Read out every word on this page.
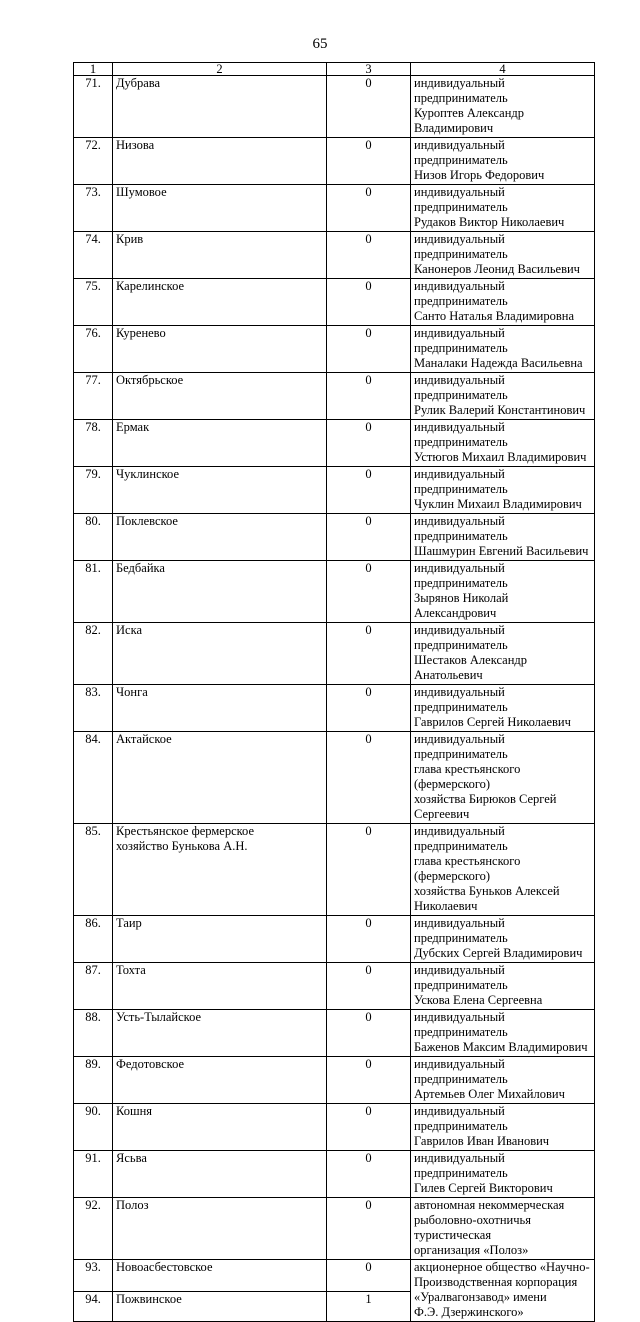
65
1	2	3	4
71.	Дубрава	0	индивидуальный предприниматель
Куроптев Александр Владимирович
72.	Низова	0	индивидуальный предприниматель
Низов Игорь Федорович
73.	Шумовое	0	индивидуальный предприниматель
Рудаков Виктор Николаевич
74.	Крив	0	индивидуальный предприниматель
Канонеров Леонид Васильевич
75.	Карелинское	0	индивидуальный предприниматель
Санто Наталья Владимировна
76.	Куренево	0	индивидуальный предприниматель
Маналаки Надежда Васильевна
77.	Октябрьское	0	индивидуальный предприниматель
Рулик Валерий Константинович
78.	Ермак	0	индивидуальный предприниматель
Устюгов Михаил Владимирович
79.	Чуклинское	0	индивидуальный предприниматель
Чуклин Михаил Владимирович
80.	Поклевское	0	индивидуальный предприниматель
Шашмурин Евгений Васильевич
81.	Бедбайка	0	индивидуальный предприниматель
Зырянов Николай Александрович
82.	Иска	0	индивидуальный предприниматель
Шестаков Александр Анатольевич
83.	Чонга	0	индивидуальный предприниматель
Гаврилов Сергей Николаевич
84.	Актайское	0	индивидуальный предприниматель
глава крестьянского (фермерского)
хозяйства Бирюков Сергей Сергеевич
85.	Крестьянское фермерское
хозяйство Бунькова А.Н.	0	индивидуальный предприниматель
глава крестьянского (фермерского)
хозяйства Буньков Алексей Николаевич
86.	Таир	0	индивидуальный предприниматель
Дубских Сергей Владимирович
87.	Тохта	0	индивидуальный предприниматель
Ускова Елена Сергеевна
88.	Усть-Тылайское	0	индивидуальный предприниматель
Баженов Максим Владимирович
89.	Федотовское	0	индивидуальный предприниматель
Артемьев Олег Михайлович
90.	Кошня	0	индивидуальный предприниматель
Гаврилов Иван Иванович
91.	Ясьва	0	индивидуальный предприниматель
Гилев Сергей Викторович
92.	Полоз	0	автономная некоммерческая
рыболовно-охотничья туристическая
организация «Полоз»
93.	Новоасбестовское	0	акционерное общество «Научно-
Производственная корпорация
«Уралвагонзавод» имени
Ф.Э. Дзержинского»
94.	Пожвинское	1	
